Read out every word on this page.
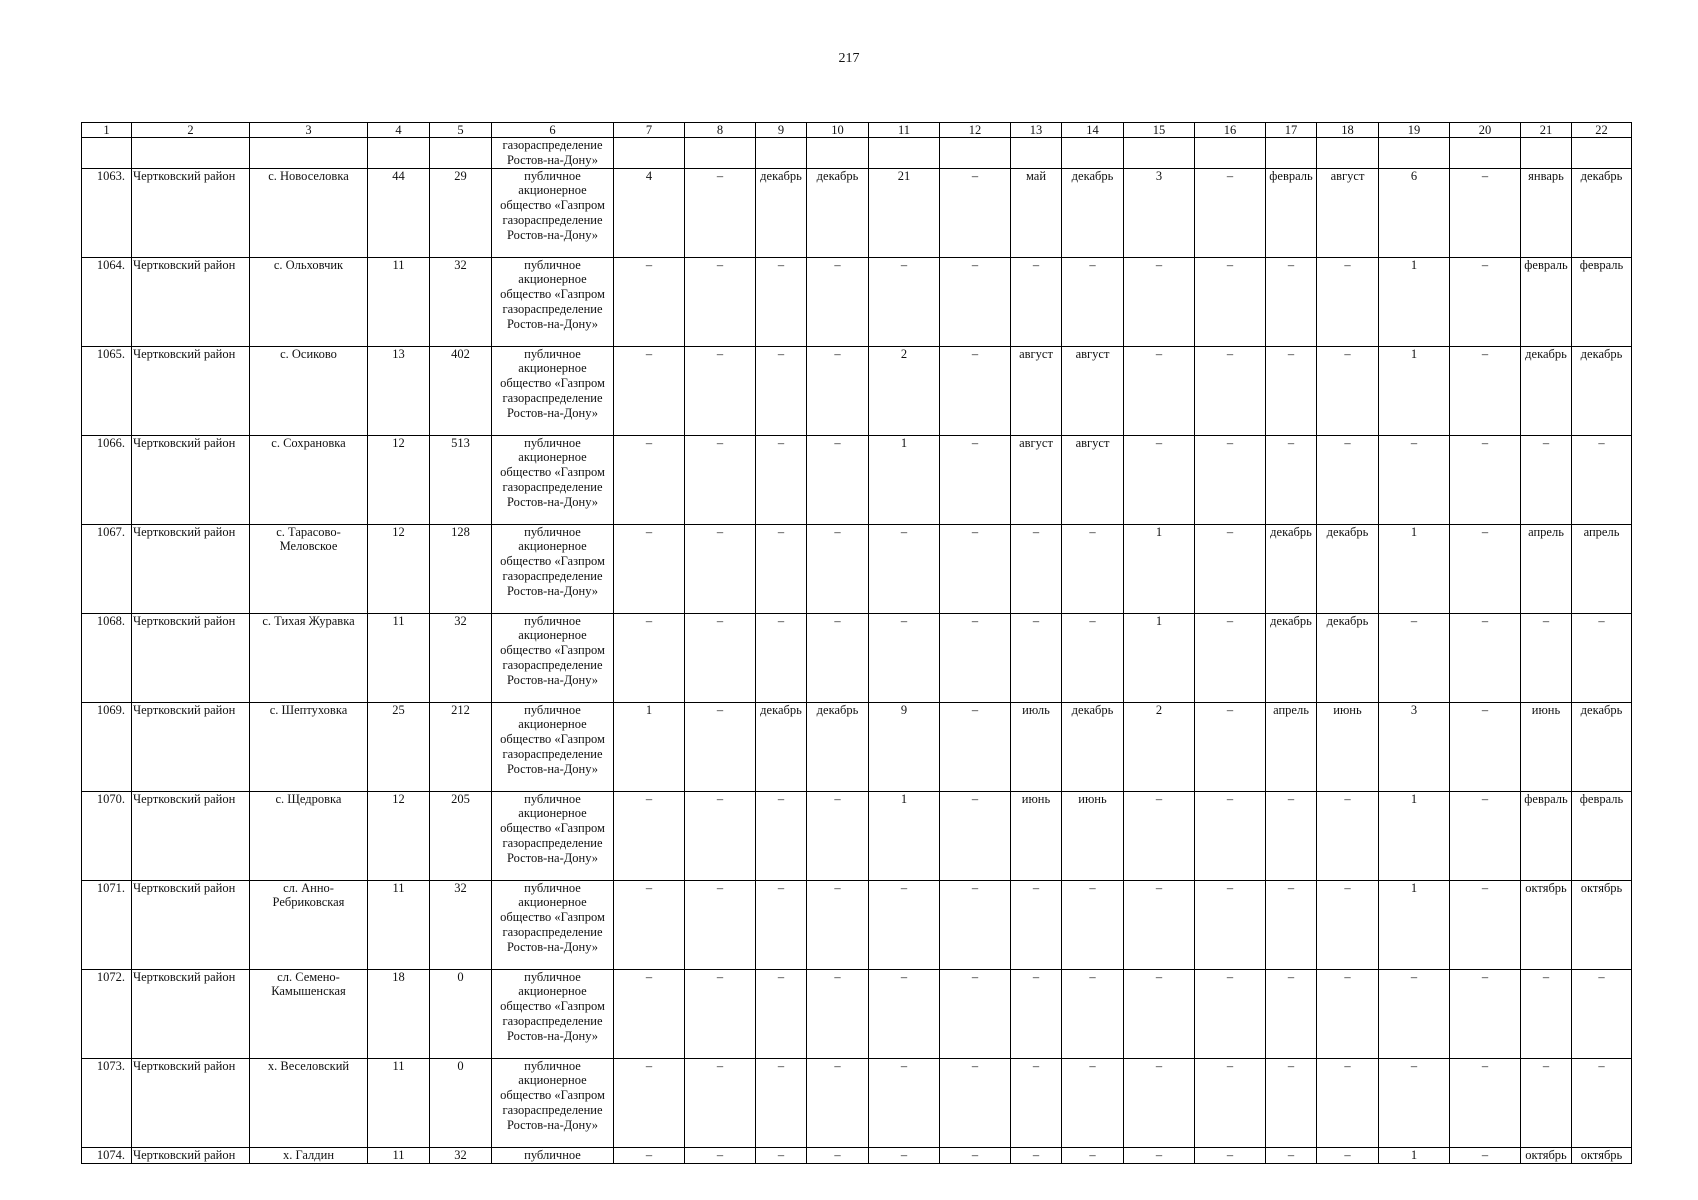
217
1	2	3	4	5	6	7	8	9	10	11	12	13	14	15	16	17	18	19	20	21	22
					газораспределение Ростов-на-Дону»																
1063.	Чертковский район	с. Новоселовка	44	29	публичное акционерное общество «Газпром газораспределение Ростов-на-Дону»	4	–	декабрь	декабрь	21	–	май	декабрь	3	–	февраль	август	6	–	январь	декабрь
1064.	Чертковский район	с. Ольховчик	11	32	публичное акционерное общество «Газпром газораспределение Ростов-на-Дону»	–	–	–	–	–	–	–	–	–	–	–	–	1	–	февраль	февраль
1065.	Чертковский район	с. Осиково	13	402	публичное акционерное общество «Газпром газораспределение Ростов-на-Дону»	–	–	–	–	2	–	август	август	–	–	–	–	1	–	декабрь	декабрь
1066.	Чертковский район	с. Сохрановка	12	513	публичное акционерное общество «Газпром газораспределение Ростов-на-Дону»	–	–	–	–	1	–	август	август	–	–	–	–	–	–	–	–
1067.	Чертковский район	с. Тарасово-Меловское	12	128	публичное акционерное общество «Газпром газораспределение Ростов-на-Дону»	–	–	–	–	–	–	–	–	1	–	декабрь	декабрь	1	–	апрель	апрель
1068.	Чертковский район	с. Тихая Журавка	11	32	публичное акционерное общество «Газпром газораспределение Ростов-на-Дону»	–	–	–	–	–	–	–	–	1	–	декабрь	декабрь	–	–	–	–
1069.	Чертковский район	с. Шептуховка	25	212	публичное акционерное общество «Газпром газораспределение Ростов-на-Дону»	1	–	декабрь	декабрь	9	–	июль	декабрь	2	–	апрель	июнь	3	–	июнь	декабрь
1070.	Чертковский район	с. Щедровка	12	205	публичное акционерное общество «Газпром газораспределение Ростов-на-Дону»	–	–	–	–	1	–	июнь	июнь	–	–	–	–	1	–	февраль	февраль
1071.	Чертковский район	сл. Анно-Ребриковская	11	32	публичное акционерное общество «Газпром газораспределение Ростов-на-Дону»	–	–	–	–	–	–	–	–	–	–	–	–	1	–	октябрь	октябрь
1072.	Чертковский район	сл. Семено-Камышенская	18	0	публичное акционерное общество «Газпром газораспределение Ростов-на-Дону»	–	–	–	–	–	–	–	–	–	–	–	–	–	–	–	–
1073.	Чертковский район	х. Веселовский	11	0	публичное акционерное общество «Газпром газораспределение Ростов-на-Дону»	–	–	–	–	–	–	–	–	–	–	–	–	–	–	–	–
1074.	Чертковский район	х. Галдин	11	32	публичное	–	–	–	–	–	–	–	–	–	–	–	–	1	–	октябрь	октябрь
